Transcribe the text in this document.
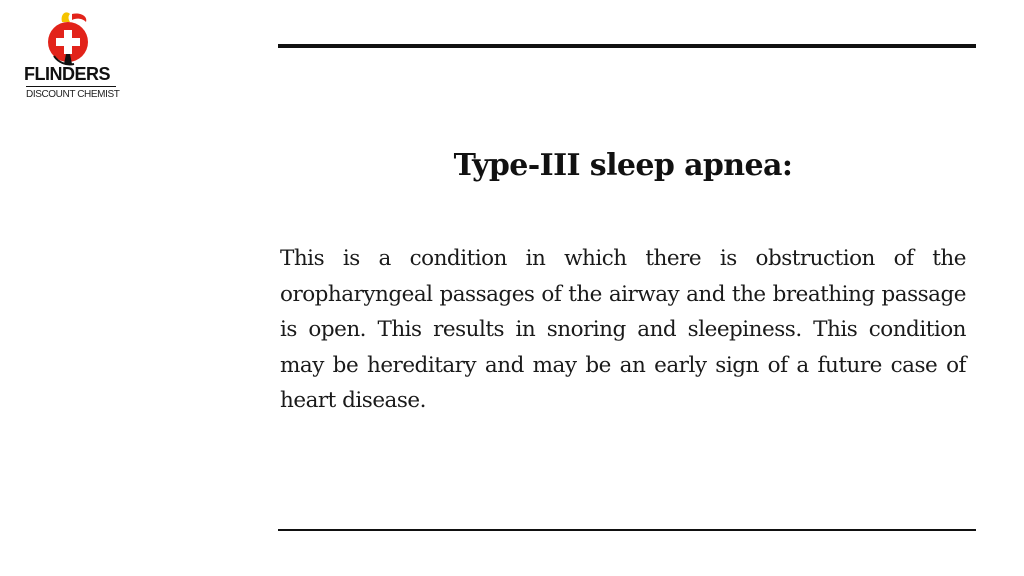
FLINDERS
DISCOUNT CHEMIST
Type-III sleep apnea:

This is a condition in which there is obstruction of the oropharyngeal passages of the airway and the breathing passage is open. This results in snoring and sleepiness. This condition may be hereditary and may be an early sign of a future case of heart disease.
